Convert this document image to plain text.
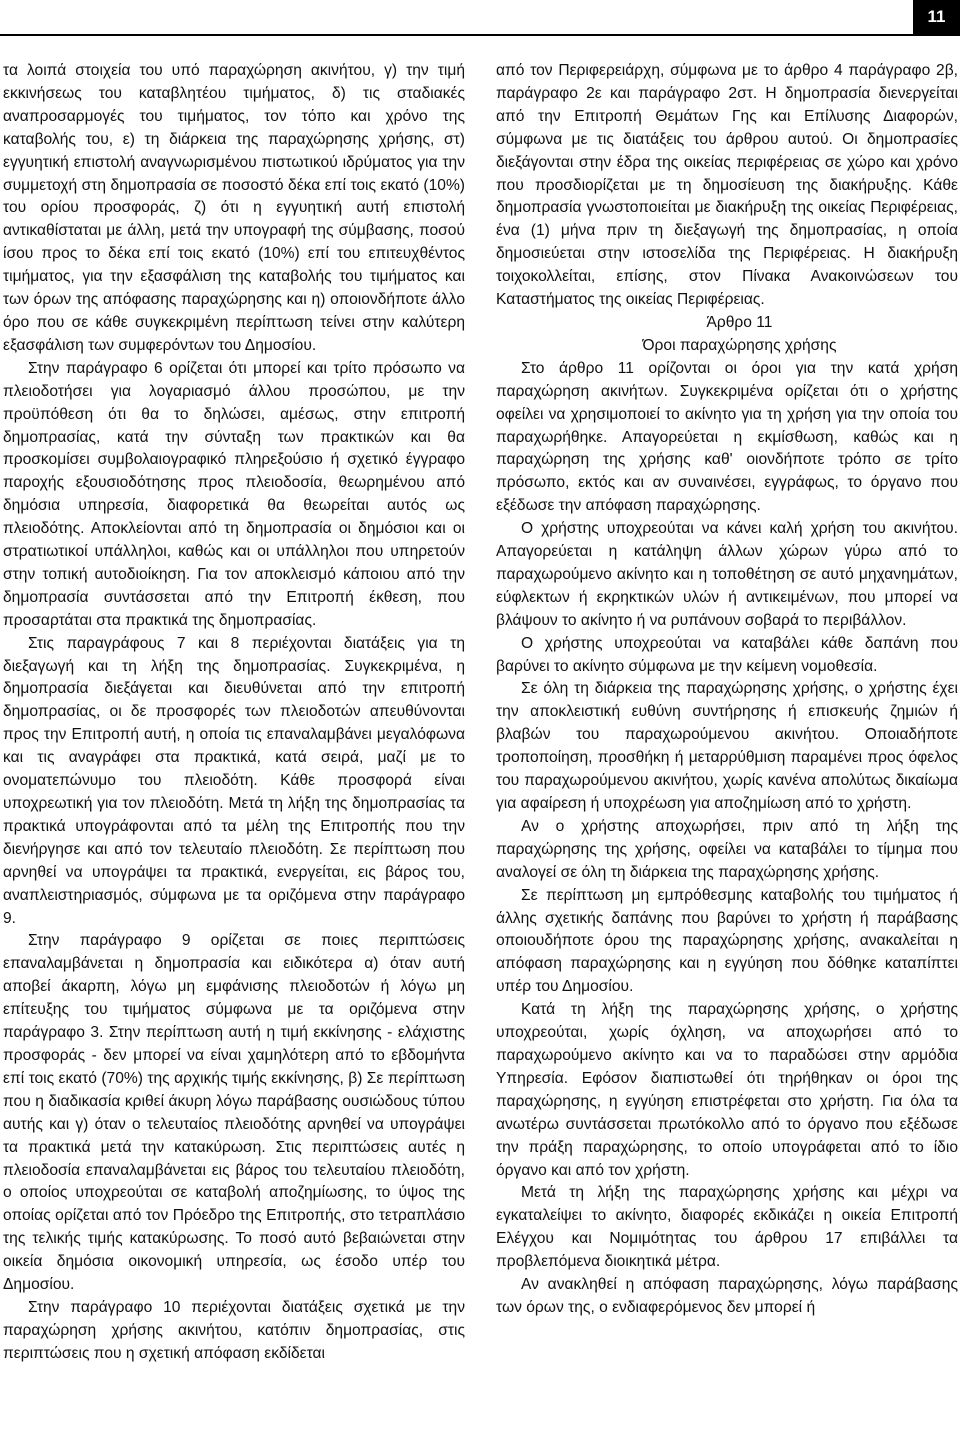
11

τα λοιπά στοιχεία του υπό παραχώρηση ακινήτου, γ) την τιμή εκκινήσεως του καταβλητέου τιμήματος, δ) τις σταδιακές αναπροσαρμογές του τιμήματος, τον τόπο και χρόνο της καταβολής του, ε) τη διάρκεια της παραχώρησης χρήσης, στ) εγγυητική επιστολή αναγνωρισμένου πιστωτικού ιδρύματος για την συμμετοχή στη δημοπρασία σε ποσοστό δέκα επί τοις εκατό (10%) του ορίου προσφοράς, ζ) ότι η εγγυητική αυτή επιστολή αντικαθίσταται με άλλη, μετά την υπογραφή της σύμβασης, ποσού ίσου προς το δέκα επί τοις εκατό (10%) επί του επιτευχθέντος τιμήματος, για την εξασφάλιση της καταβολής του τιμήματος και των όρων της απόφασης παραχώρησης και η) οποιονδήποτε άλλο όρο που σε κάθε συγκεκριμένη περίπτωση τείνει στην καλύτερη εξασφάλιση των συμφερόντων του Δημοσίου.

Στην παράγραφο 6 ορίζεται ότι μπορεί και τρίτο πρόσωπο να πλειοδοτήσει για λογαριασμό άλλου προσώπου, με την προϋπόθεση ότι θα το δηλώσει, αμέσως, στην επιτροπή δημοπρασίας, κατά την σύνταξη των πρακτικών και θα προσκομίσει συμβολαιογραφικό πληρεξούσιο ή σχετικό έγγραφο παροχής εξουσιοδότησης προς πλειοδοσία, θεωρημένου από δημόσια υπηρεσία, διαφορετικά θα θεωρείται αυτός ως πλειοδότης. Αποκλείονται από τη δημοπρασία οι δημόσιοι και οι στρατιωτικοί υπάλληλοι, καθώς και οι υπάλληλοι που υπηρετούν στην τοπική αυτοδιοίκηση. Για τον αποκλεισμό κάποιου από την δημοπρασία συντάσσεται από την Επιτροπή έκθεση, που προσαρτάται στα πρακτικά της δημοπρασίας.

Στις παραγράφους 7 και 8 περιέχονται διατάξεις για τη διεξαγωγή και τη λήξη της δημοπρασίας. Συγκεκριμένα, η δημοπρασία διεξάγεται και διευθύνεται από την επιτροπή δημοπρασίας, οι δε προσφορές των πλειοδοτών απευθύνονται προς την Επιτροπή αυτή, η οποία τις επαναλαμβάνει μεγαλόφωνα και τις αναγράφει στα πρακτικά, κατά σειρά, μαζί με το ονοματεπώνυμο του πλειοδότη. Κάθε προσφορά είναι υποχρεωτική για τον πλειοδότη. Μετά τη λήξη της δημοπρασίας τα πρακτικά υπογράφονται από τα μέλη της Επιτροπής που την διενήργησε και από τον τελευταίο πλειοδότη. Σε περίπτωση που αρνηθεί να υπογράψει τα πρακτικά, ενεργείται, εις βάρος του, αναπλειστηριασμός, σύμφωνα με τα οριζόμενα στην παράγραφο 9.

Στην παράγραφο 9 ορίζεται σε ποιες περιπτώσεις επαναλαμβάνεται η δημοπρασία και ειδικότερα α) όταν αυτή αποβεί άκαρπη, λόγω μη εμφάνισης πλειοδοτών ή λόγω μη επίτευξης του τιμήματος σύμφωνα με τα οριζόμενα στην παράγραφο 3. Στην περίπτωση αυτή η τιμή εκκίνησης - ελάχιστης προσφοράς - δεν μπορεί να είναι χαμηλότερη από το εβδομήντα επί τοις εκατό (70%) της αρχικής τιμής εκκίνησης, β) Σε περίπτωση που η διαδικασία κριθεί άκυρη λόγω παράβασης ουσιώδους τύπου αυτής και γ) όταν ο τελευταίος πλειοδότης αρνηθεί να υπογράψει τα πρακτικά μετά την κατακύρωση. Στις περιπτώσεις αυτές η πλειοδοσία επαναλαμβάνεται εις βάρος του τελευταίου πλειοδότη, ο οποίος υποχρεούται σε καταβολή αποζημίωσης, το ύψος της οποίας ορίζεται από τον Πρόεδρο της Επιτροπής, στο τετραπλάσιο της τελικής τιμής κατακύρωσης. Το ποσό αυτό βεβαιώνεται στην οικεία δημόσια οικονομική υπηρεσία, ως έσοδο υπέρ του Δημοσίου.

Στην παράγραφο 10 περιέχονται διατάξεις σχετικά με την παραχώρηση χρήσης ακινήτου, κατόπιν δημοπρασίας, στις περιπτώσεις που η σχετική απόφαση εκδίδεται

από τον Περιφερειάρχη, σύμφωνα με το άρθρο 4 παράγραφο 2β, παράγραφο 2ε και παράγραφο 2στ. Η δημοπρασία διενεργείται από την Επιτροπή Θεμάτων Γης και Επίλυσης Διαφορών, σύμφωνα με τις διατάξεις του άρθρου αυτού. Οι δημοπρασίες διεξάγονται στην έδρα της οικείας περιφέρειας σε χώρο και χρόνο που προσδιορίζεται με τη δημοσίευση της διακήρυξης. Κάθε δημοπρασία γνωστοποιείται με διακήρυξη της οικείας Περιφέρειας, ένα (1) μήνα πριν τη διεξαγωγή της δημοπρασίας, η οποία δημοσιεύεται στην ιστοσελίδα της Περιφέρειας. Η διακήρυξη τοιχοκολλείται, επίσης, στον Πίνακα Ανακοινώσεων του Καταστήματος της οικείας Περιφέρειας.

Άρθρο 11

Όροι παραχώρησης χρήσης

Στο άρθρο 11 ορίζονται οι όροι για την κατά χρήση παραχώρηση ακινήτων. Συγκεκριμένα ορίζεται ότι ο χρήστης οφείλει να χρησιμοποιεί το ακίνητο για τη χρήση για την οποία του παραχωρήθηκε. Απαγορεύεται η εκμίσθωση, καθώς και η παραχώρηση της χρήσης καθ' οιονδήποτε τρόπο σε τρίτο πρόσωπο, εκτός και αν συναινέσει, εγγράφως, το όργανο που εξέδωσε την απόφαση παραχώρησης.

Ο χρήστης υποχρεούται να κάνει καλή χρήση του ακινήτου. Απαγορεύεται η κατάληψη άλλων χώρων γύρω από το παραχωρούμενο ακίνητο και η τοποθέτηση σε αυτό μηχανημάτων, εύφλεκτων ή εκρηκτικών υλών ή αντικειμένων, που μπορεί να βλάψουν το ακίνητο ή να ρυπάνουν σοβαρά το περιβάλλον.

Ο χρήστης υποχρεούται να καταβάλει κάθε δαπάνη που βαρύνει το ακίνητο σύμφωνα με την κείμενη νομοθεσία.

Σε όλη τη διάρκεια της παραχώρησης χρήσης, ο χρήστης έχει την αποκλειστική ευθύνη συντήρησης ή επισκευής ζημιών ή βλαβών του παραχωρούμενου ακινήτου. Οποιαδήποτε τροποποίηση, προσθήκη ή μεταρρύθμιση παραμένει προς όφελος του παραχωρούμενου ακινήτου, χωρίς κανένα απολύτως δικαίωμα για αφαίρεση ή υποχρέωση για αποζημίωση από το χρήστη.

Αν ο χρήστης αποχωρήσει, πριν από τη λήξη της παραχώρησης της χρήσης, οφείλει να καταβάλει το τίμημα που αναλογεί σε όλη τη διάρκεια της παραχώρησης χρήσης.

Σε περίπτωση μη εμπρόθεσμης καταβολής του τιμήματος ή άλλης σχετικής δαπάνης που βαρύνει το χρήστη ή παράβασης οποιουδήποτε όρου της παραχώρησης χρήσης, ανακαλείται η απόφαση παραχώρησης και η εγγύηση που δόθηκε καταπίπτει υπέρ του Δημοσίου.

Κατά τη λήξη της παραχώρησης χρήσης, ο χρήστης υποχρεούται, χωρίς όχληση, να αποχωρήσει από το παραχωρούμενο ακίνητο και να το παραδώσει στην αρμόδια Υπηρεσία. Εφόσον διαπιστωθεί ότι τηρήθηκαν οι όροι της παραχώρησης, η εγγύηση επιστρέφεται στο χρήστη. Για όλα τα ανωτέρω συντάσσεται πρωτόκολλο από το όργανο που εξέδωσε την πράξη παραχώρησης, το οποίο υπογράφεται από το ίδιο όργανο και από τον χρήστη.

Μετά τη λήξη της παραχώρησης χρήσης και μέχρι να εγκαταλείψει το ακίνητο, διαφορές εκδικάζει η οικεία Επιτροπή Ελέγχου και Νομιμότητας του άρθρου 17 επιβάλλει τα προβλεπόμενα διοικητικά μέτρα.

Αν ανακληθεί η απόφαση παραχώρησης, λόγω παράβασης των όρων της, ο ενδιαφερόμενος δεν μπορεί ή
